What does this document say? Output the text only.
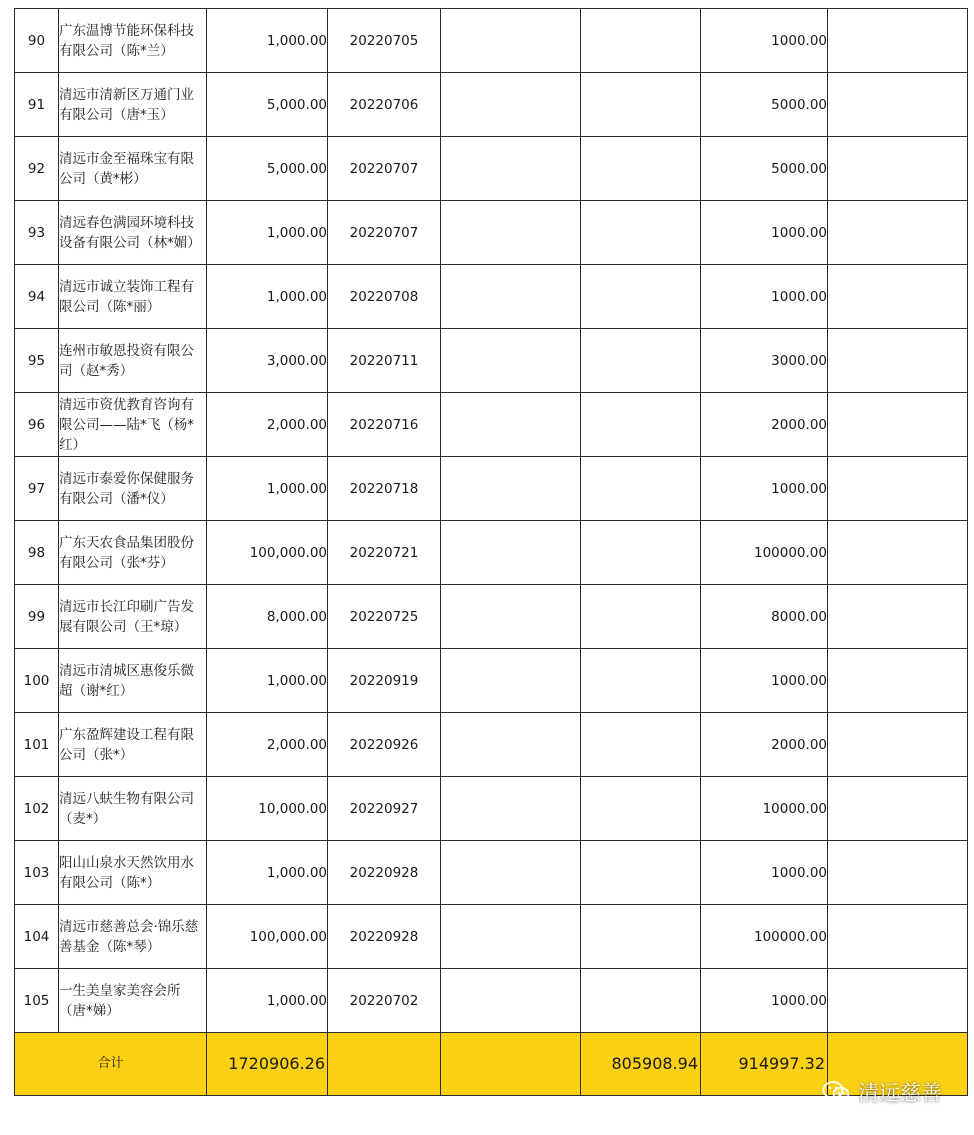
90	广东温博节能环保科技有限公司（陈*兰）	1,000.00	20220705			1000.00	
91	清远市清新区万通门业有限公司（唐*玉）	5,000.00	20220706			5000.00	
92	清远市金至福珠宝有限公司（黄*彬）	5,000.00	20220707			5000.00	
93	清远春色满园环境科技设备有限公司（林*媚）	1,000.00	20220707			1000.00	
94	清远市诚立装饰工程有限公司（陈*丽）	1,000.00	20220708			1000.00	
95	连州市敏恩投资有限公司（赵*秀）	3,000.00	20220711			3000.00	
96	清远市资优教育咨询有限公司——陆*飞（杨*红）	2,000.00	20220716			2000.00	
97	清远市泰爱你保健服务有限公司（潘*仪）	1,000.00	20220718			1000.00	
98	广东天农食品集团股份有限公司（张*芬）	100,000.00	20220721			100000.00	
99	清远市长江印刷广告发展有限公司（王*琼）	8,000.00	20220725			8000.00	
100	清远市清城区惠俊乐微超（谢*红）	1,000.00	20220919			1000.00	
101	广东盈辉建设工程有限公司（张*）	2,000.00	20220926			2000.00	
102	清远八蚨生物有限公司（麦*）	10,000.00	20220927			10000.00	
103	阳山山泉水天然饮用水有限公司（陈*）	1,000.00	20220928			1000.00	
104	清远市慈善总会·锦乐慈善基金（陈*琴）	100,000.00	20220928			100000.00	
105	一生美皇家美容会所（唐*娣）	1,000.00	20220702			1000.00	
合计		1720906.26			805908.94	914997.32	
清远慈善
